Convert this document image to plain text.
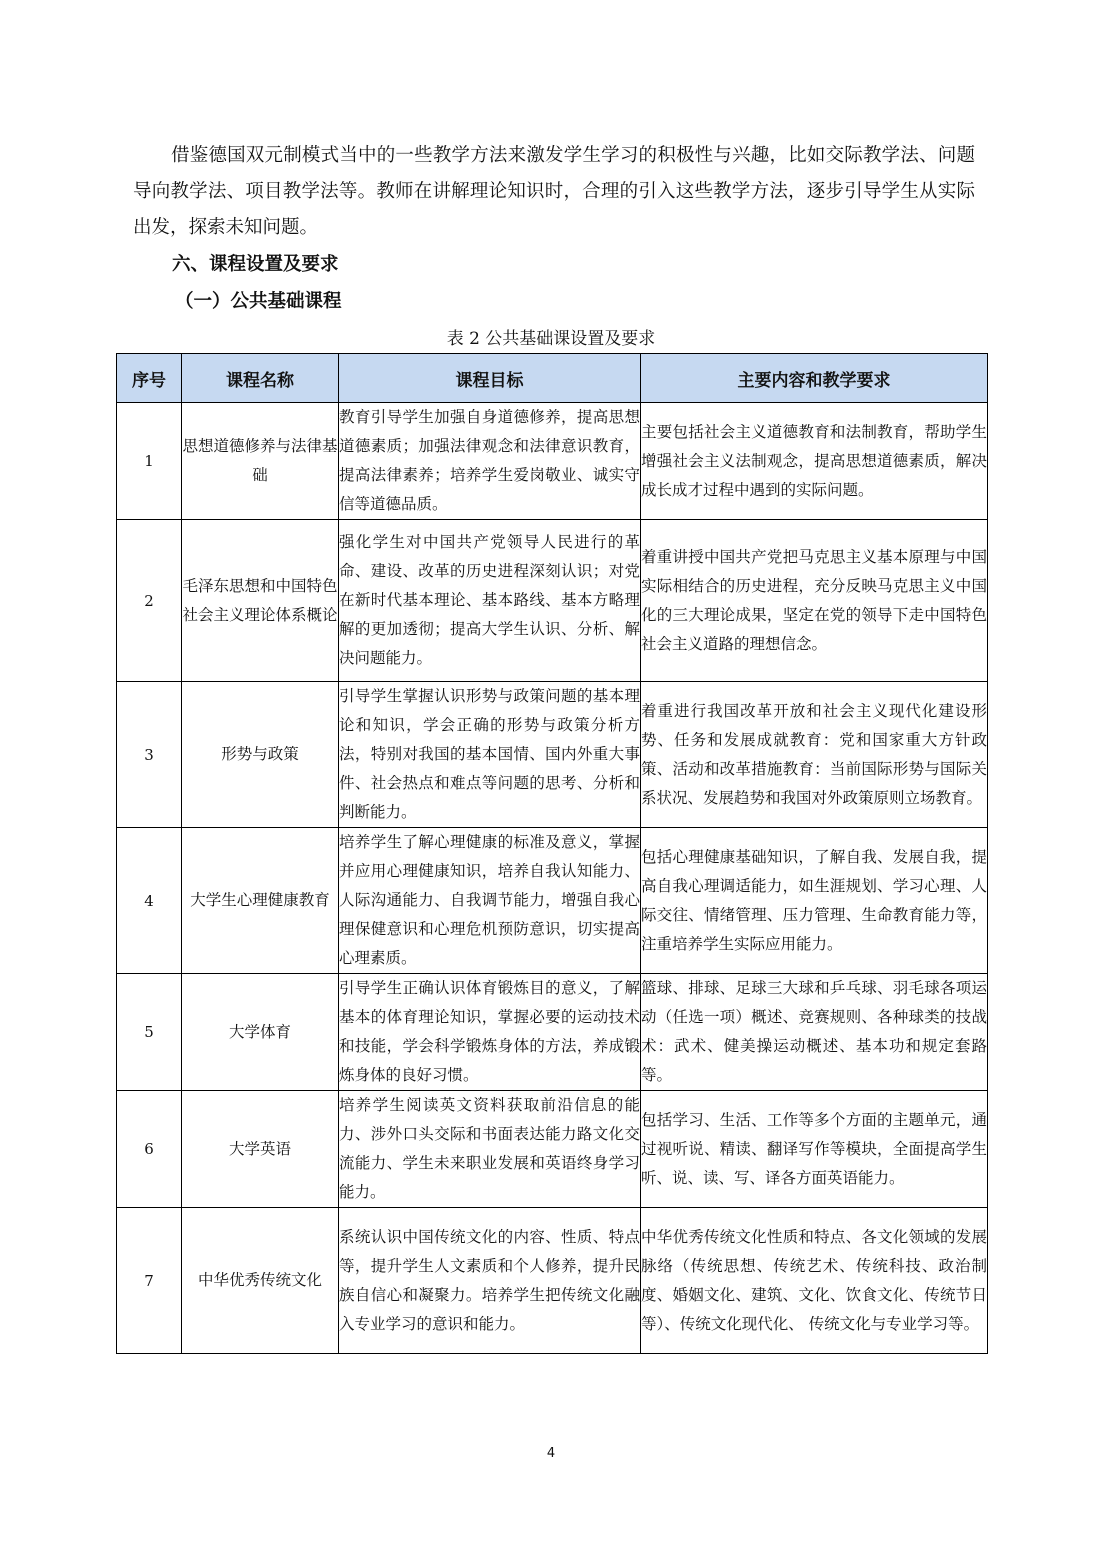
借鉴德国双元制模式当中的一些教学方法来激发学生学习的积极性与兴趣，比如交际教学法、问题导向教学法、项目教学法等。教师在讲解理论知识时，合理的引入这些教学方法，逐步引导学生从实际出发，探索未知问题。

六、课程设置及要求

（一）公共基础课程

表 2 公共基础课设置及要求

序号	课程名称	课程目标	主要内容和教学要求
1	思想道德修养与法律基础	教育引导学生加强自身道德修养，提高思想道德素质；加强法律观念和法律意识教育，提高法律素养；培养学生爱岗敬业、诚实守信等道德品质。	主要包括社会主义道德教育和法制教育，帮助学生增强社会主义法制观念，提高思想道德素质，解决成长成才过程中遇到的实际问题。
2	毛泽东思想和中国特色社会主义理论体系概论	强化学生对中国共产党领导人民进行的革命、建设、改革的历史进程深刻认识；对党在新时代基本理论、基本路线、基本方略理解的更加透彻；提高大学生认识、分析、解决问题能力。	着重讲授中国共产党把马克思主义基本原理与中国实际相结合的历史进程，充分反映马克思主义中国化的三大理论成果，坚定在党的领导下走中国特色社会主义道路的理想信念。
3	形势与政策	引导学生掌握认识形势与政策问题的基本理论和知识，学会正确的形势与政策分析方法，特别对我国的基本国情、国内外重大事件、社会热点和难点等问题的思考、分析和判断能力。	着重进行我国改革开放和社会主义现代化建设形势、任务和发展成就教育：党和国家重大方针政策、活动和改革措施教育：当前国际形势与国际关系状况、发展趋势和我国对外政策原则立场教育。
4	大学生心理健康教育	培养学生了解心理健康的标准及意义，掌握并应用心理健康知识，培养自我认知能力、人际沟通能力、自我调节能力，增强自我心理保健意识和心理危机预防意识，切实提高心理素质。	包括心理健康基础知识，了解自我、发展自我，提高自我心理调适能力，如生涯规划、学习心理、人际交往、情绪管理、压力管理、生命教育能力等，注重培养学生实际应用能力。
5	大学体育	引导学生正确认识体育锻炼目的意义，了解基本的体育理论知识，掌握必要的运动技术和技能，学会科学锻炼身体的方法，养成锻炼身体的良好习惯。	篮球、排球、足球三大球和乒乓球、羽毛球各项运动（任选一项）概述、竞赛规则、各种球类的技战术：武术、健美操运动概述、基本功和规定套路等。
6	大学英语	培养学生阅读英文资料获取前沿信息的能力、涉外口头交际和书面表达能力路文化交流能力、学生未来职业发展和英语终身学习能力。	包括学习、生活、工作等多个方面的主题单元，通过视听说、精读、翻译写作等模块，全面提高学生听、说、读、写、译各方面英语能力。
7	中华优秀传统文化	系统认识中国传统文化的内容、性质、特点等，提升学生人文素质和个人修养，提升民族自信心和凝聚力。培养学生把传统文化融入专业学习的意识和能力。	中华优秀传统文化性质和特点、各文化领域的发展脉络（传统思想、传统艺术、传统科技、政治制度、婚姻文化、建筑、文化、饮食文化、传统节日等）、传统文化现代化、 传统文化与专业学习等。
4
